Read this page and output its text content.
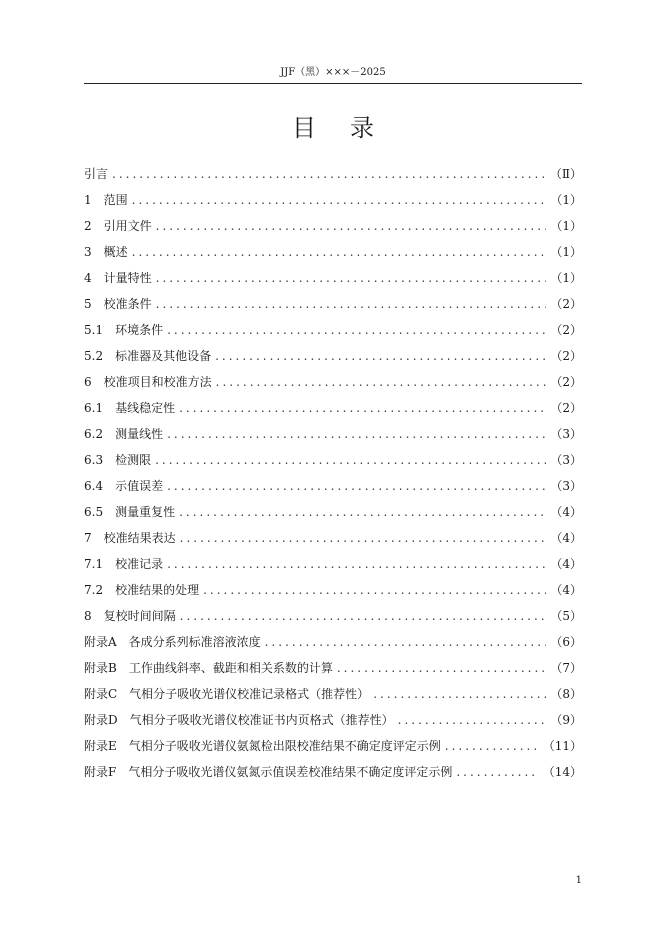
JJF（黑）×××－2025
目录
引言 .....	（Ⅱ）
1　范围 .....	（1）
2　引用文件 .....	（1）
3　概述 .....	（1）
4　计量特性 .....	（1）
5　校准条件 .....	（2）
5.1　环境条件 .....	（2）
5.2　标准器及其他设备 .....	（2）
6　校准项目和校准方法 .....	（2）
6.1　基线稳定性 .....	（2）
6.2　测量线性 .....	（3）
6.3　检测限 .....	（3）
6.4　示值误差 .....	（3）
6.5　测量重复性 .....	（4）
7　校准结果表达 .....	（4）
7.1　校准记录 .....	（4）
7.2　校准结果的处理 .....	（4）
8　复校时间间隔 .....	（5）
附录A　各成分系列标准溶液浓度 .....	（6）
附录B　工作曲线斜率、截距和相关系数的计算 .....	（7）
附录C　气相分子吸收光谱仪校准记录格式（推荐性） .....	（8）
附录D　气相分子吸收光谱仪校准证书内页格式（推荐性） .....	（9）
附录E　气相分子吸收光谱仪氨氮检出限校准结果不确定度评定示例 .....	（11）
附录F　气相分子吸收光谱仪氨氮示值误差校准结果不确定度评定示例 .....	（14）
1
